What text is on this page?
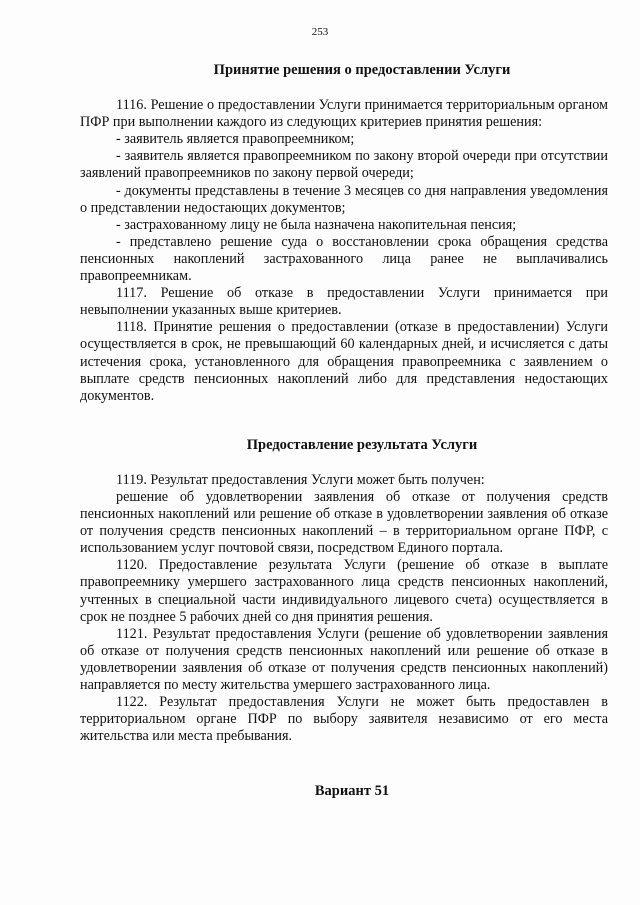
253
Принятие решения о предоставлении Услуги

1116. Решение о предоставлении Услуги принимается территориальным органом ПФР при выполнении каждого из следующих критериев принятия решения:

- заявитель является правопреемником;

- заявитель является правопреемником по закону второй очереди при отсутствии заявлений правопреемников по закону первой очереди;

- документы представлены в течение 3 месяцев со дня направления уведомления о представлении недостающих документов;

- застрахованному лицу не была назначена накопительная пенсия;

- представлено решение суда о восстановлении срока обращения средства пенсионных накоплений застрахованного лица ранее не выплачивались правопреемникам.

1117. Решение об отказе в предоставлении Услуги принимается при невыполнении указанных выше критериев.

1118. Принятие решения о предоставлении (отказе в предоставлении) Услуги осуществляется в срок, не превышающий 60 календарных дней, и исчисляется с даты истечения срока, установленного для обращения правопреемника с заявлением о выплате средств пенсионных накоплений либо для представления недостающих документов.

Предоставление результата Услуги

1119. Результат предоставления Услуги может быть получен:

решение об удовлетворении заявления об отказе от получения средств пенсионных накоплений или решение об отказе в удовлетворении заявления об отказе от получения средств пенсионных накоплений – в территориальном органе ПФР, с использованием услуг почтовой связи, посредством Единого портала.

1120. Предоставление результата Услуги (решение об отказе в выплате правопреемнику умершего застрахованного лица средств пенсионных накоплений, учтенных в специальной части индивидуального лицевого счета) осуществляется в срок не позднее 5 рабочих дней со дня принятия решения.

1121. Результат предоставления Услуги (решение об удовлетворении заявления об отказе от получения средств пенсионных накоплений или решение об отказе в удовлетворении заявления об отказе от получения средств пенсионных накоплений) направляется по месту жительства умершего застрахованного лица.

1122. Результат предоставления Услуги не может быть предоставлен в территориальном органе ПФР по выбору заявителя независимо от его места жительства или места пребывания.

Вариант 51
